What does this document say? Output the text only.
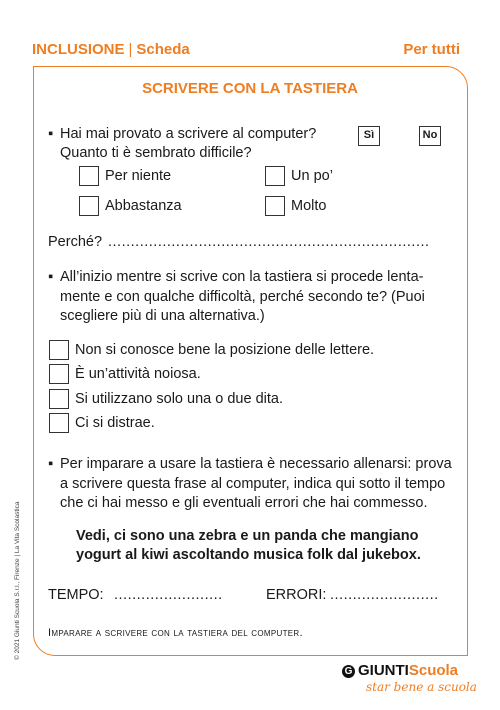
INCLUSIONE | Scheda	Per tutti
SCRIVERE CON LA TASTIERA
▪ Hai mai provato a scrivere al computer?
Quanto ti è sembrato difficile?
Sì	No
Per niente	Un po’
Abbastanza	Molto
Perché? .......................................................................
▪ All’inizio mentre si scrive con la tastiera si procede lenta-
mente e con qualche difficoltà, perché secondo te? (Puoi
scegliere più di una alternativa.)
Non si conosce bene la posizione delle lettere.
È un’attività noiosa.
Si utilizzano solo una o due dita.
Ci si distrae.
▪ Per imparare a usare la tastiera è necessario allenarsi: prova
a scrivere questa frase al computer, indica qui sotto il tempo
che ci hai messo e gli eventuali errori che hai commesso.
Vedi, ci sono una zebra e un panda che mangiano
yogurt al kiwi ascoltando musica folk dal jukebox.
TEMPO: ........................	ERRORI: ........................
Imparare a scrivere con la tastiera del computer.
© 2021 Giunti Scuola S.r.l., Firenze | La Vita Scolastica
G GIUNTIScuola
star bene a scuola
